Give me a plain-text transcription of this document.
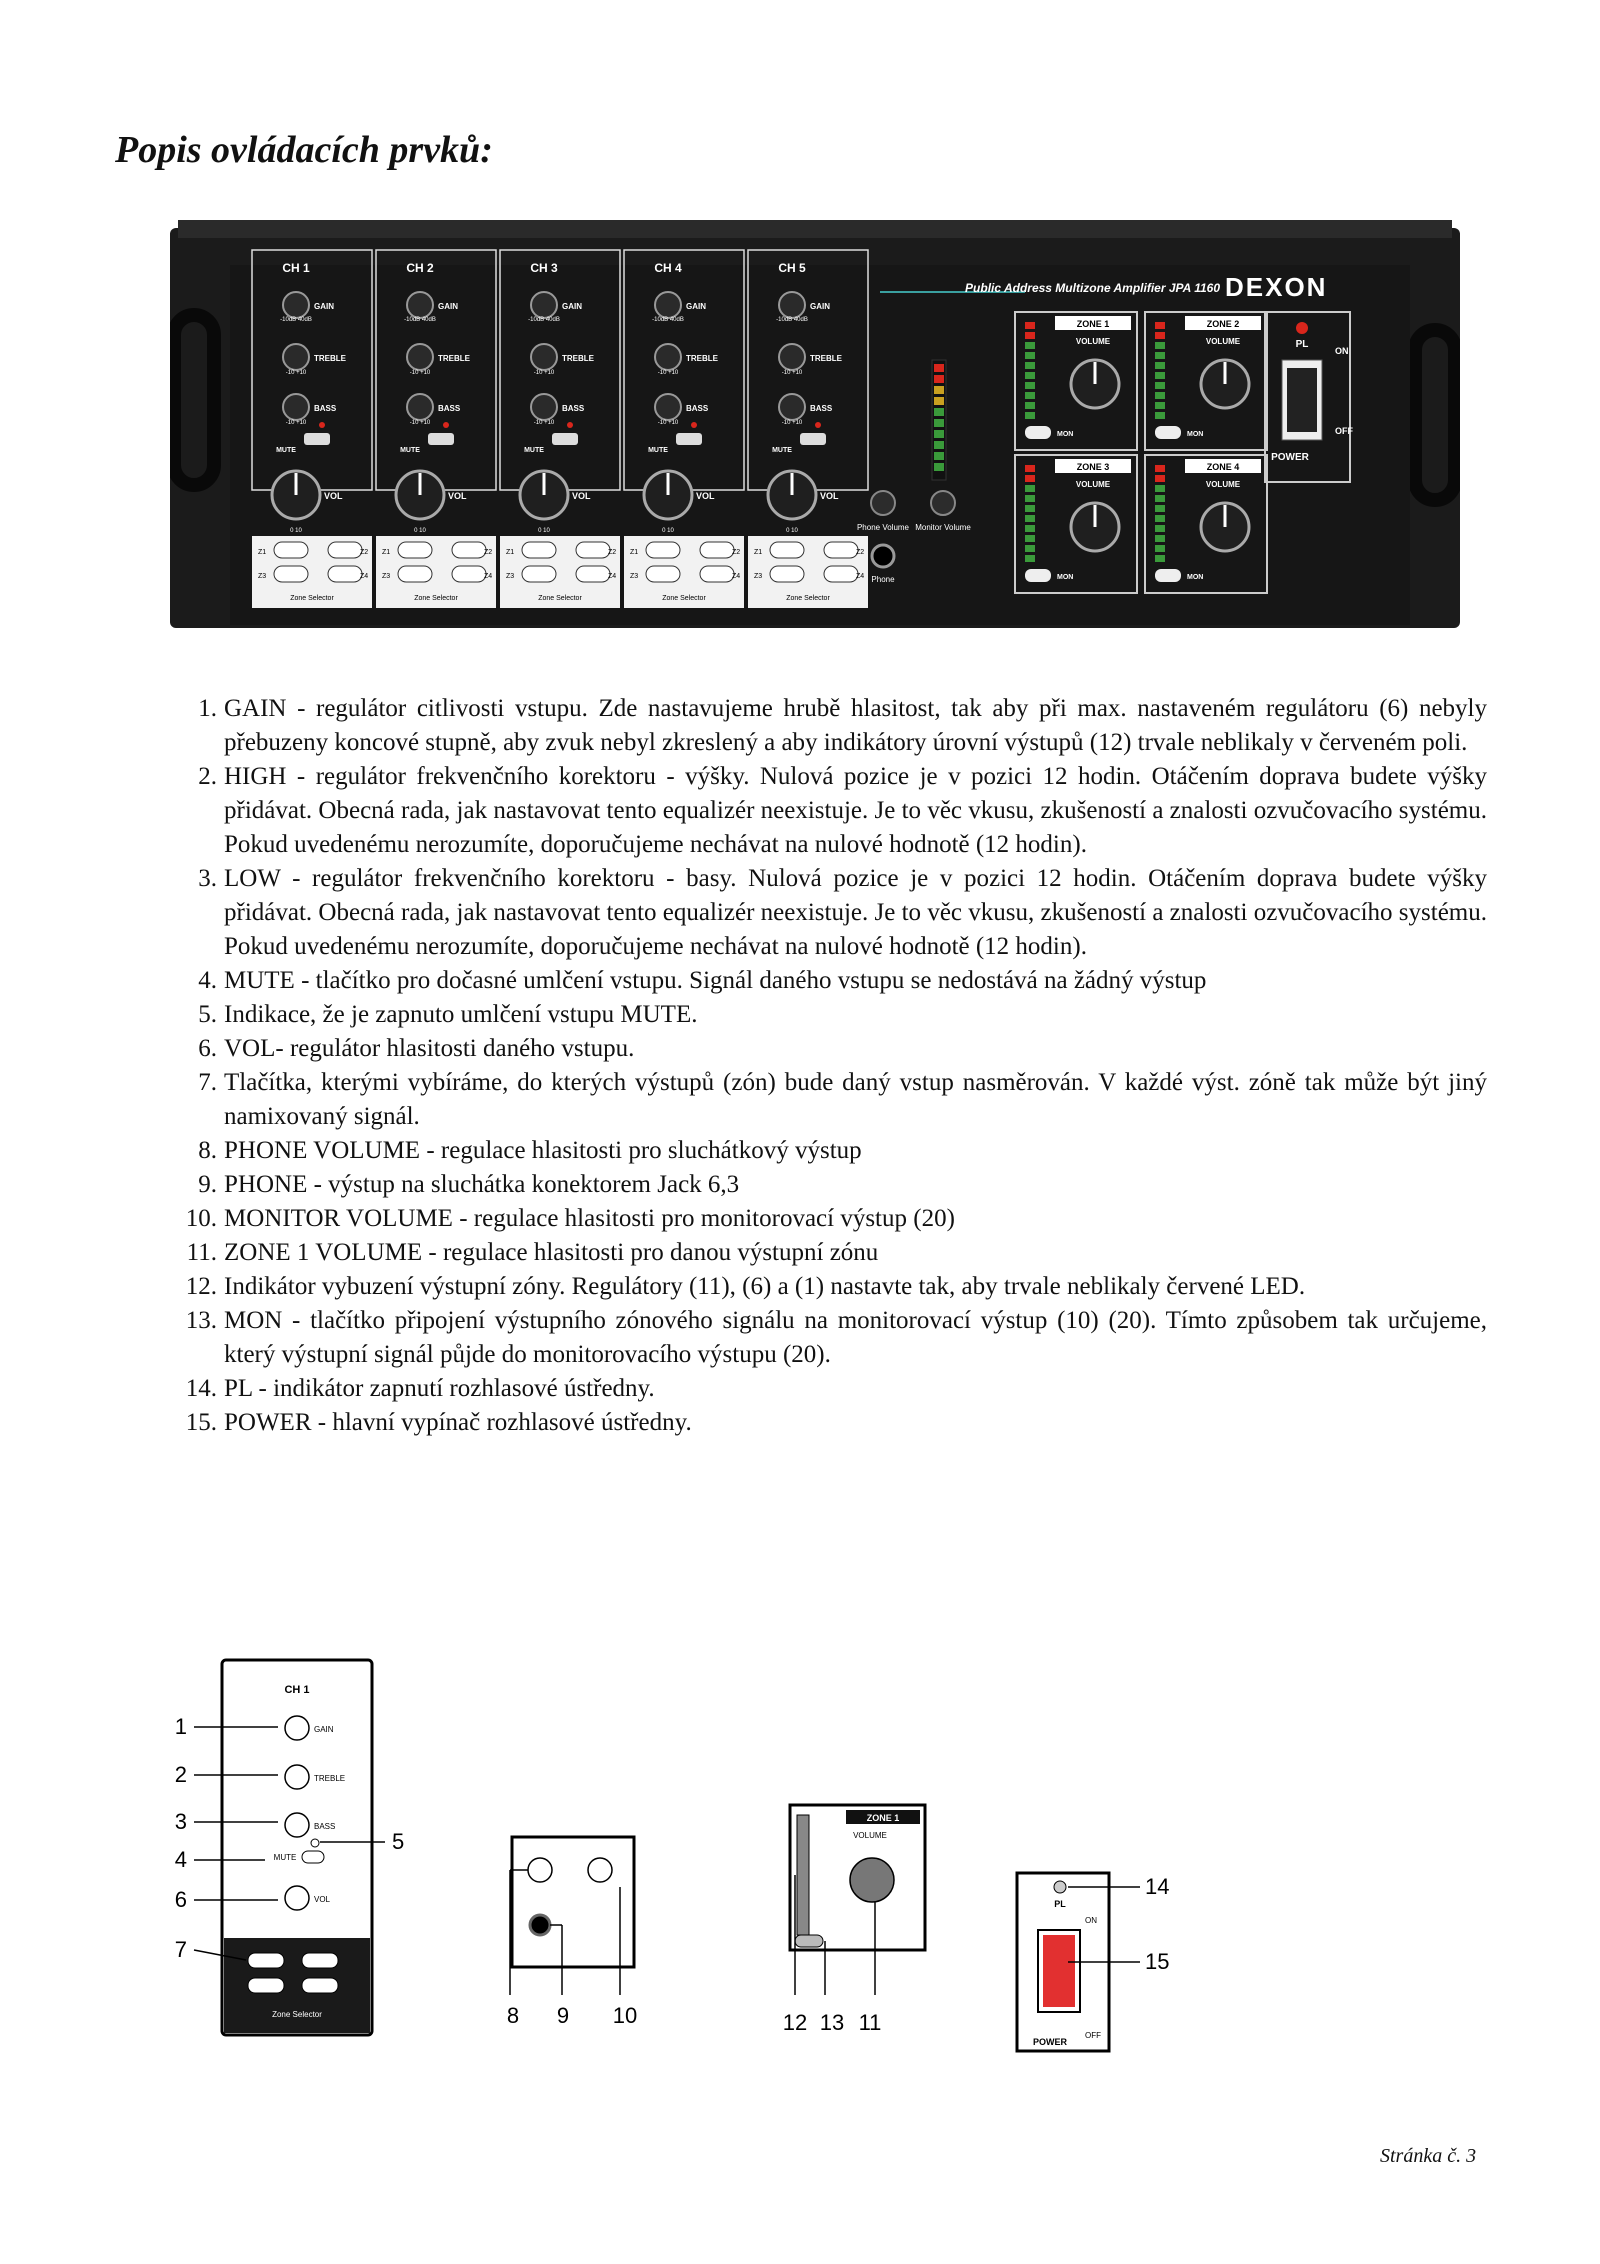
Popis ovládacích prvků:
Public Address Multizone Amplifier JPA 1160 DEXON
CH 1
GAIN
TREBLE
BASS
-10dB 40dB
-10 +10
-10 +10
MUTE
VOL
0 10
Z1	Z2
Z3	Z4
Zone Selector
CH 2
GAIN
TREBLE
BASS
-10dB 40dB
-10 +10
-10 +10
MUTE
VOL
0 10
Z1	Z2
Z3	Z4
Zone Selector
CH 3
GAIN
TREBLE
BASS
-10dB 40dB
-10 +10
-10 +10
MUTE
VOL
0 10
Z1	Z2
Z3	Z4
Zone Selector
CH 4
GAIN
TREBLE
BASS
-10dB 40dB
-10 +10
-10 +10
MUTE
VOL
0 10
Z1	Z2
Z3	Z4
Zone Selector
CH 5
GAIN
TREBLE
BASS
-10dB 40dB
-10 +10
-10 +10
MUTE
VOL
0 10
Z1	Z2
Z3	Z4
Zone Selector
Phone Volume Monitor Volume
Phone
ZONE 1
VOLUME
MON
ZONE 2
VOLUME
MON
ZONE 3
VOLUME
MON
ZONE 4
VOLUME
MON
PL
ON
OFF
POWER
1. GAIN - regulátor citlivosti vstupu. Zde nastavujeme hrubě hlasitost, tak aby při max. nastaveném regulátoru (6) nebyly přebuzeny koncové stupně, aby zvuk nebyl zkreslený a aby indikátory úrovní výstupů (12) trvale neblikaly v červeném poli.
2. HIGH - regulátor frekvenčního korektoru - výšky. Nulová pozice je v pozici 12 hodin. Otáčením doprava budete výšky přidávat. Obecná rada, jak nastavovat tento equalizér neexistuje. Je to věc vkusu, zkušeností a znalosti ozvučovacího systému. Pokud uvedenému nerozumíte, doporučujeme nechávat na nulové hodnotě (12 hodin).
3. LOW - regulátor frekvenčního korektoru - basy. Nulová pozice je v pozici 12 hodin. Otáčením doprava budete výšky přidávat. Obecná rada, jak nastavovat tento equalizér neexistuje. Je to věc vkusu, zkušeností a znalosti ozvučovacího systému. Pokud uvedenému nerozumíte, doporučujeme nechávat na nulové hodnotě (12 hodin).
4. MUTE - tlačítko pro dočasné umlčení vstupu. Signál daného vstupu se nedostává na žádný výstup
5. Indikace, že je zapnuto umlčení vstupu MUTE.
6. VOL- regulátor hlasitosti daného vstupu.
7. Tlačítka, kterými vybíráme, do kterých výstupů (zón) bude daný vstup nasměrován. V každé výst. zóně tak může být jiný namixovaný signál.
8. PHONE VOLUME - regulace hlasitosti pro sluchátkový výstup
9. PHONE - výstup na sluchátka konektorem Jack 6,3
10. MONITOR VOLUME - regulace hlasitosti pro monitorovací výstup (20)
11. ZONE 1 VOLUME - regulace hlasitosti pro danou výstupní zónu
12. Indikátor vybuzení výstupní zóny. Regulátory (11), (6) a (1) nastavte tak, aby trvale neblikaly červené LED.
13. MON - tlačítko připojení výstupního zónového signálu na monitorovací výstup (10) (20). Tímto způsobem tak určujeme, který výstupní signál půjde do monitorovacího výstupu (20).
14. PL - indikátor zapnutí rozhlasové ústředny.
15. POWER - hlavní vypínač rozhlasové ústředny.
CH 1
GAIN
TREBLE
BASS
MUTE
VOL
Zone Selector
1
2
3
4
6
7
5
8 9 10
ZONE 1
VOLUME
12 13 11
PL
ON
OFF
POWER
14
15
Stránka č. 3
